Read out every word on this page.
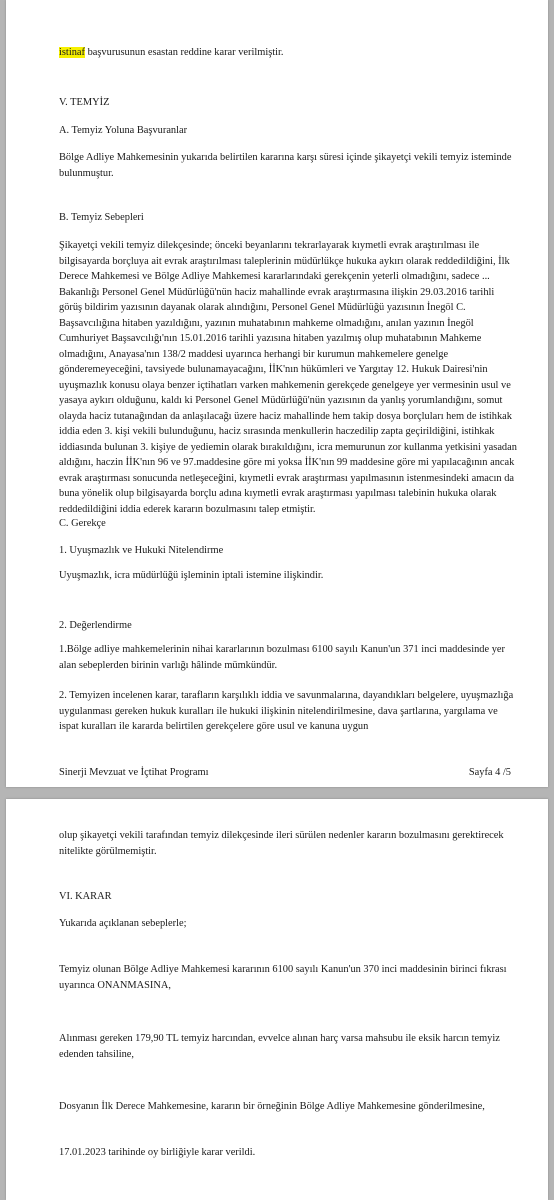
istinaf başvurusunun esastan reddine karar verilmiştir.

V. TEMYİZ

A. Temyiz Yoluna Başvuranlar

Bölge Adliye Mahkemesinin yukarıda belirtilen kararına karşı süresi içinde şikayetçi vekili temyiz isteminde bulunmuştur.

B. Temyiz Sebepleri

Şikayetçi vekili temyiz dilekçesinde; önceki beyanlarını tekrarlayarak kıymetli evrak araştırılması ile bilgisayarda borçluya ait evrak araştırılması taleplerinin müdürlükçe hukuka aykırı olarak reddedildiğini, İlk Derece Mahkemesi ve Bölge Adliye Mahkemesi kararlarındaki gerekçenin yeterli olmadığını, sadece ... Bakanlığı Personel Genel Müdürlüğü'nün haciz mahallinde evrak araştırmasına ilişkin 29.03.2016 tarihli görüş bildirim yazısının dayanak olarak alındığını, Personel Genel Müdürlüğü yazısının İnegöl C. Başsavcılığına hitaben yazıldığını, yazının muhatabının mahkeme olmadığını, anılan yazının İnegöl Cumhuriyet Başsavcılığı'nın 15.01.2016 tarihli yazısına hitaben yazılmış olup muhatabının Mahkeme olmadığını, Anayasa'nın 138/2 maddesi uyarınca herhangi bir kurumun mahkemelere genelge gönderemeyeceğini, tavsiyede bulunamayacağını, İİK'nın hükümleri ve Yargıtay 12. Hukuk Dairesi'nin uyuşmazlık konusu olaya benzer içtihatları varken mahkemenin gerekçede genelgeye yer vermesinin usul ve yasaya aykırı olduğunu, kaldı ki Personel Genel Müdürlüğü'nün yazısının da yanlış yorumlandığını, somut olayda haciz tutanağından da anlaşılacağı üzere haciz mahallinde hem takip dosya borçluları hem de istihkak iddia eden 3. kişi vekili bulunduğunu, haciz sırasında menkullerin haczedilip zapta geçirildiğini, istihkak iddiasında bulunan 3. kişiye de yediemin olarak bırakıldığını, icra memurunun zor kullanma yetkisini yasadan aldığını, haczin İİK'nın 96 ve 97.maddesine göre mi yoksa İİK'nın 99 maddesine göre mi yapılacağının ancak evrak araştırması sonucunda netleşeceğini, kıymetli evrak araştırması yapılmasının istenmesindeki amacın da buna yönelik olup bilgisayarda borçlu adına kıymetli evrak araştırması yapılması talebinin hukuka olarak reddedildiğini iddia ederek kararın bozulmasını talep etmiştir.

C. Gerekçe

1. Uyuşmazlık ve Hukuki Nitelendirme

Uyuşmazlık, icra müdürlüğü işleminin iptali istemine ilişkindir.

2. Değerlendirme

1.Bölge adliye mahkemelerinin nihai kararlarının bozulması 6100 sayılı Kanun'un 371 inci maddesinde yer alan sebeplerden birinin varlığı hâlinde mümkündür.

2. Temyizen incelenen karar, tarafların karşılıklı iddia ve savunmalarına, dayandıkları belgelere, uyuşmazlığa uygulanması gereken hukuk kuralları ile hukuki ilişkinin nitelendirilmesine, dava şartlarına, yargılama ve ispat kuralları ile kararda belirtilen gerekçelere göre usul ve kanuna uygun

Sinerji Mevzuat ve İçtihat Programı	Sayfa 4 /5

olup şikayetçi vekili tarafından temyiz dilekçesinde ileri sürülen nedenler kararın bozulmasını gerektirecek nitelikte görülmemiştir.

VI. KARAR

Yukarıda açıklanan sebeplerle;

Temyiz olunan Bölge Adliye Mahkemesi kararının 6100 sayılı Kanun'un 370 inci maddesinin birinci fıkrası uyarınca ONANMASINA,

Alınması gereken 179,90 TL temyiz harcından, evvelce alınan harç varsa mahsubu ile eksik harcın temyiz edenden tahsiline,

Dosyanın İlk Derece Mahkemesine, kararın bir örneğinin Bölge Adliye Mahkemesine gönderilmesine,

17.01.2023 tarihinde oy birliğiyle karar verildi.
